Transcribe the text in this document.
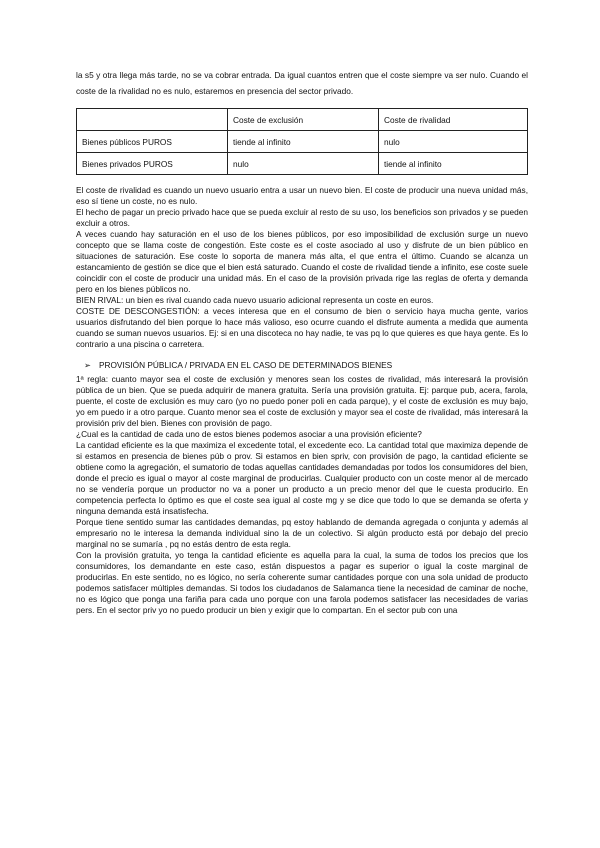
la s5 y otra llega más tarde, no se va cobrar entrada. Da igual cuantos entren que el coste siempre va ser nulo. Cuando el coste de la rivalidad no es nulo, estaremos en presencia del sector privado.

	Coste de exclusión	Coste de rivalidad
Bienes públicos PUROS	tiende al infinito	nulo
Bienes privados PUROS	nulo	tiende al infinito

El coste de rivalidad es cuando un nuevo usuario entra a usar un nuevo bien. El coste de producir una nueva unidad más, eso sí tiene un coste, no es nulo.

El hecho de pagar un precio privado hace que se pueda excluir al resto de su uso, los beneficios son privados y se pueden excluir a otros.

A veces cuando hay saturación en el uso de los bienes públicos, por eso imposibilidad de exclusión surge un nuevo concepto que se llama coste de congestión. Este coste es el coste asociado al uso y disfrute de un bien público en situaciones de saturación. Ese coste lo soporta de manera más alta, el que entra el último. Cuando se alcanza un estancamiento de gestión se dice que el bien está saturado. Cuando el coste de rivalidad tiende a infinito, ese coste suele coincidir con el coste de producir una unidad más. En el caso de la provisión privada rige las reglas de oferta y demanda pero en los bienes públicos no.

BIEN RIVAL: un bien es rival cuando cada nuevo usuario adicional representa un coste en euros.

COSTE DE DESCONGESTIÓN: a veces interesa que en el consumo de bien o servicio haya mucha gente, varios usuarios disfrutando del bien porque lo hace más valioso, eso ocurre cuando el disfrute aumenta a medida que aumenta cuando se suman nuevos usuarios. Ej: si en una discoteca no hay nadie, te vas pq lo que quieres es que haya gente. Es lo contrario a una piscina o carretera.

➢ PROVISIÓN PÚBLICA / PRIVADA EN EL CASO DE DETERMINADOS BIENES

1ª regla: cuanto mayor sea el coste de exclusión y menores sean los costes de rivalidad, más interesará la provisión pública de un bien. Que se pueda adquirir de manera gratuita. Sería una provisión gratuita. Ej: parque pub, acera, farola, puente, el coste de exclusión es muy caro (yo no puedo poner poli en cada parque), y el coste de exclusión es muy bajo, yo em puedo ir a otro parque. Cuanto menor sea el coste de exclusión y mayor sea el coste de rivalidad, más interesará la provisión priv del bien. Bienes con provisión de pago.

¿Cual es la cantidad de cada uno de estos bienes podemos asociar a una provisión eficiente?

La cantidad eficiente es la que maximiza el excedente total, el excedente eco. La cantidad total que maximiza depende de si estamos en presencia de bienes púb o prov. Si estamos en bien spriv, con provisión de pago, la cantidad eficiente se obtiene como la agregación, el sumatorio de todas aquellas cantidades demandadas por todos los consumidores del bien, donde el precio es igual o mayor al coste marginal de producirlas. Cualquier producto con un coste menor al de mercado no se vendería porque un productor no va a poner un producto a un precio menor del que le cuesta producirlo. En competencia perfecta lo óptimo es que el coste sea igual al coste mg y se dice que todo lo que se demanda se oferta y ninguna demanda está insatisfecha.

Porque tiene sentido sumar las cantidades demandas, pq estoy hablando de demanda agregada o conjunta y además al empresario no le interesa la demanda individual sino la de un colectivo. Si algún producto está por debajo del precio marginal no se sumaría , pq no estás dentro de esta regla.

Con la provisión gratuita, yo tenga la cantidad eficiente es aquella para la cual, la suma de todos los precios que los consumidores, los demandante en este caso, están dispuestos a pagar es superior o igual la coste marginal de producirlas. En este sentido, no es lógico, no sería coherente sumar cantidades porque con una sola unidad de producto podemos satisfacer múltiples demandas. Si todos los ciudadanos de Salamanca tiene la necesidad de caminar de noche, no es lógico que ponga una fariña para cada uno porque con una farola podemos satisfacer las necesidades de varias pers. En el sector priv yo no puedo producir un bien y exigir que lo compartan. En el sector pub con una
